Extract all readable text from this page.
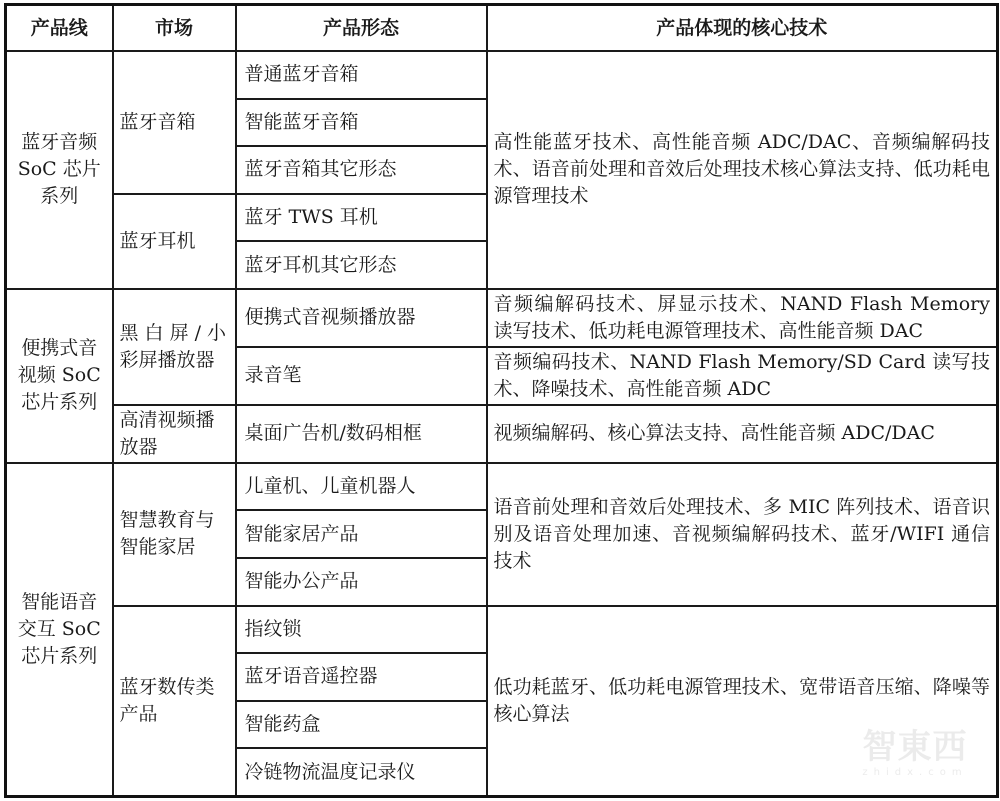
产品线	市场	产品形态	产品体现的核心技术
蓝牙音频 SoC 芯片系列	蓝牙音箱	普通蓝牙音箱	高性能蓝牙技术、高性能音频 ADC/DAC、音频编解码技术、语音前处理和音效后处理技术核心算法支持、低功耗电源管理技术
		智能蓝牙音箱	
		蓝牙音箱其它形态	
	蓝牙耳机	蓝牙 TWS 耳机	
		蓝牙耳机其它形态	
便携式音视频 SoC 芯片系列	黑 白 屏 / 小 彩屏播放器	便携式音视频播放器	音频编解码技术、屏显示技术、NAND Flash Memory 读写技术、低功耗电源管理技术、高性能音频 DAC
		录音笔	音频编码技术、NAND Flash Memory/SD Card 读写技术、降噪技术、高性能音频 ADC
	高清视频播放器	桌面广告机/数码相框	视频编解码、核心算法支持、高性能音频 ADC/DAC
智能语音交互 SoC 芯片系列	智慧教育与智能家居	儿童机、儿童机器人	语音前处理和音效后处理技术、多 MIC 阵列技术、语音识别及语音处理加速、音视频编解码技术、蓝牙/WIFI 通信技术
		智能家居产品	
		智能办公产品	
	蓝牙数传类产品	指纹锁	低功耗蓝牙、低功耗电源管理技术、宽带语音压缩、降噪等核心算法
		蓝牙语音遥控器	
		智能药盒	
		冷链物流温度记录仪	
智東西
zhidx.com
